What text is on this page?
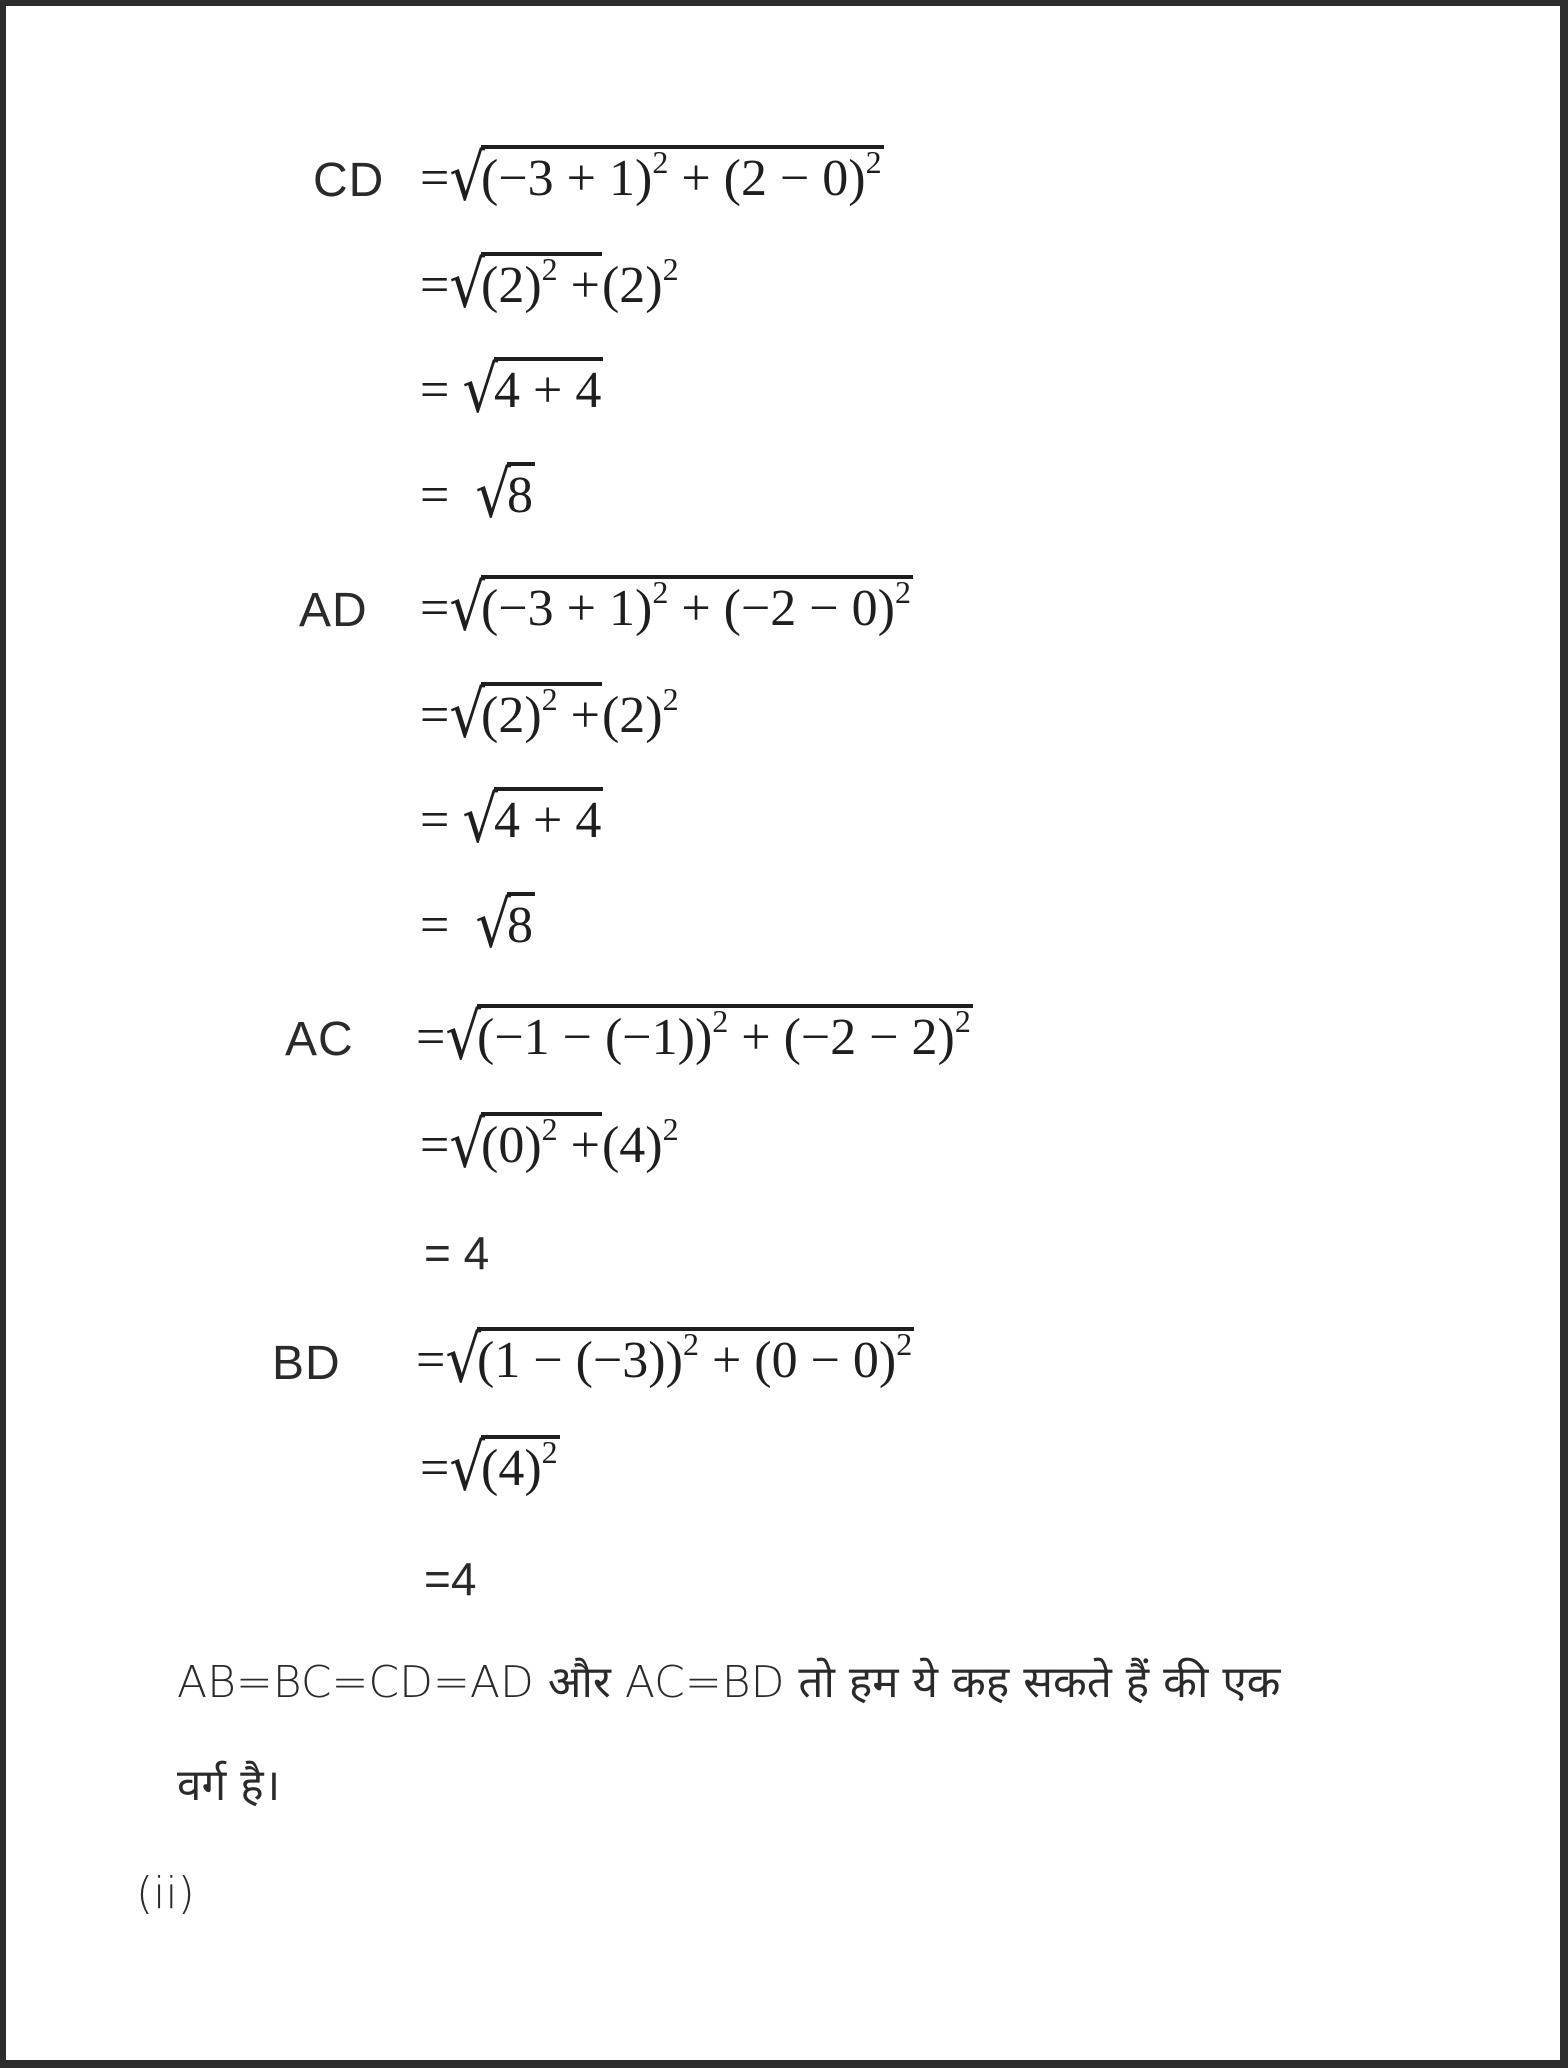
CD $=√(-3 + 1)^2 + (2 - 0)^2$
$=√(2)^2 +(2)^2$
= √4 + 4
=  √8
AD $=√(-3 + 1)^2 + (-2 - 0)^2$
$=√(2)^2 +(2)^2$
= √4 + 4
=  √8
AC $=√(-1 - (-1))^2 + (-2 - 2)^2$
$=√(0)^2 +(4)^2$
= 4
BD $=√(1 - (-3))^2 + (0 - 0)^2$
$=√(4)^2$
=4
AB=BC=CD=AD और AC=BD तो हम ये कह सकते हैं की एक
वर्ग है।
(ii)
